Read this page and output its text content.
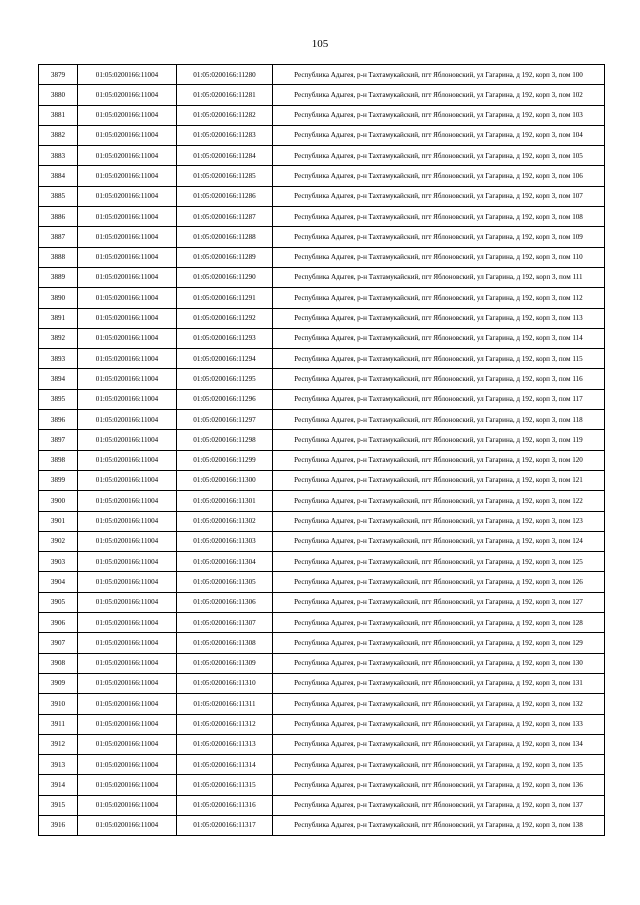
105
3879	01:05:0200166:11004	01:05:0200166:11280	Республика Адыгея, р-н Тахтамукайский, пгт Яблоновский, ул Гагарина, д 192, корп 3, пом 100
3880	01:05:0200166:11004	01:05:0200166:11281	Республика Адыгея, р-н Тахтамукайский, пгт Яблоновский, ул Гагарина, д 192, корп 3, пом 102
3881	01:05:0200166:11004	01:05:0200166:11282	Республика Адыгея, р-н Тахтамукайский, пгт Яблоновский, ул Гагарина, д 192, корп 3, пом 103
3882	01:05:0200166:11004	01:05:0200166:11283	Республика Адыгея, р-н Тахтамукайский, пгт Яблоновский, ул Гагарина, д 192, корп 3, пом 104
3883	01:05:0200166:11004	01:05:0200166:11284	Республика Адыгея, р-н Тахтамукайский, пгт Яблоновский, ул Гагарина, д 192, корп 3, пом 105
3884	01:05:0200166:11004	01:05:0200166:11285	Республика Адыгея, р-н Тахтамукайский, пгт Яблоновский, ул Гагарина, д 192, корп 3, пом 106
3885	01:05:0200166:11004	01:05:0200166:11286	Республика Адыгея, р-н Тахтамукайский, пгт Яблоновский, ул Гагарина, д 192, корп 3, пом 107
3886	01:05:0200166:11004	01:05:0200166:11287	Республика Адыгея, р-н Тахтамукайский, пгт Яблоновский, ул Гагарина, д 192, корп 3, пом 108
3887	01:05:0200166:11004	01:05:0200166:11288	Республика Адыгея, р-н Тахтамукайский, пгт Яблоновский, ул Гагарина, д 192, корп 3, пом 109
3888	01:05:0200166:11004	01:05:0200166:11289	Республика Адыгея, р-н Тахтамукайский, пгт Яблоновский, ул Гагарина, д 192, корп 3, пом 110
3889	01:05:0200166:11004	01:05:0200166:11290	Республика Адыгея, р-н Тахтамукайский, пгт Яблоновский, ул Гагарина, д 192, корп 3, пом 111
3890	01:05:0200166:11004	01:05:0200166:11291	Республика Адыгея, р-н Тахтамукайский, пгт Яблоновский, ул Гагарина, д 192, корп 3, пом 112
3891	01:05:0200166:11004	01:05:0200166:11292	Республика Адыгея, р-н Тахтамукайский, пгт Яблоновский, ул Гагарина, д 192, корп 3, пом 113
3892	01:05:0200166:11004	01:05:0200166:11293	Республика Адыгея, р-н Тахтамукайский, пгт Яблоновский, ул Гагарина, д 192, корп 3, пом 114
3893	01:05:0200166:11004	01:05:0200166:11294	Республика Адыгея, р-н Тахтамукайский, пгт Яблоновский, ул Гагарина, д 192, корп 3, пом 115
3894	01:05:0200166:11004	01:05:0200166:11295	Республика Адыгея, р-н Тахтамукайский, пгт Яблоновский, ул Гагарина, д 192, корп 3, пом 116
3895	01:05:0200166:11004	01:05:0200166:11296	Республика Адыгея, р-н Тахтамукайский, пгт Яблоновский, ул Гагарина, д 192, корп 3, пом 117
3896	01:05:0200166:11004	01:05:0200166:11297	Республика Адыгея, р-н Тахтамукайский, пгт Яблоновский, ул Гагарина, д 192, корп 3, пом 118
3897	01:05:0200166:11004	01:05:0200166:11298	Республика Адыгея, р-н Тахтамукайский, пгт Яблоновский, ул Гагарина, д 192, корп 3, пом 119
3898	01:05:0200166:11004	01:05:0200166:11299	Республика Адыгея, р-н Тахтамукайский, пгт Яблоновский, ул Гагарина, д 192, корп 3, пом 120
3899	01:05:0200166:11004	01:05:0200166:11300	Республика Адыгея, р-н Тахтамукайский, пгт Яблоновский, ул Гагарина, д 192, корп 3, пом 121
3900	01:05:0200166:11004	01:05:0200166:11301	Республика Адыгея, р-н Тахтамукайский, пгт Яблоновский, ул Гагарина, д 192, корп 3, пом 122
3901	01:05:0200166:11004	01:05:0200166:11302	Республика Адыгея, р-н Тахтамукайский, пгт Яблоновский, ул Гагарина, д 192, корп 3, пом 123
3902	01:05:0200166:11004	01:05:0200166:11303	Республика Адыгея, р-н Тахтамукайский, пгт Яблоновский, ул Гагарина, д 192, корп 3, пом 124
3903	01:05:0200166:11004	01:05:0200166:11304	Республика Адыгея, р-н Тахтамукайский, пгт Яблоновский, ул Гагарина, д 192, корп 3, пом 125
3904	01:05:0200166:11004	01:05:0200166:11305	Республика Адыгея, р-н Тахтамукайский, пгт Яблоновский, ул Гагарина, д 192, корп 3, пом 126
3905	01:05:0200166:11004	01:05:0200166:11306	Республика Адыгея, р-н Тахтамукайский, пгт Яблоновский, ул Гагарина, д 192, корп 3, пом 127
3906	01:05:0200166:11004	01:05:0200166:11307	Республика Адыгея, р-н Тахтамукайский, пгт Яблоновский, ул Гагарина, д 192, корп 3, пом 128
3907	01:05:0200166:11004	01:05:0200166:11308	Республика Адыгея, р-н Тахтамукайский, пгт Яблоновский, ул Гагарина, д 192, корп 3, пом 129
3908	01:05:0200166:11004	01:05:0200166:11309	Республика Адыгея, р-н Тахтамукайский, пгт Яблоновский, ул Гагарина, д 192, корп 3, пом 130
3909	01:05:0200166:11004	01:05:0200166:11310	Республика Адыгея, р-н Тахтамукайский, пгт Яблоновский, ул Гагарина, д 192, корп 3, пом 131
3910	01:05:0200166:11004	01:05:0200166:11311	Республика Адыгея, р-н Тахтамукайский, пгт Яблоновский, ул Гагарина, д 192, корп 3, пом 132
3911	01:05:0200166:11004	01:05:0200166:11312	Республика Адыгея, р-н Тахтамукайский, пгт Яблоновский, ул Гагарина, д 192, корп 3, пом 133
3912	01:05:0200166:11004	01:05:0200166:11313	Республика Адыгея, р-н Тахтамукайский, пгт Яблоновский, ул Гагарина, д 192, корп 3, пом 134
3913	01:05:0200166:11004	01:05:0200166:11314	Республика Адыгея, р-н Тахтамукайский, пгт Яблоновский, ул Гагарина, д 192, корп 3, пом 135
3914	01:05:0200166:11004	01:05:0200166:11315	Республика Адыгея, р-н Тахтамукайский, пгт Яблоновский, ул Гагарина, д 192, корп 3, пом 136
3915	01:05:0200166:11004	01:05:0200166:11316	Республика Адыгея, р-н Тахтамукайский, пгт Яблоновский, ул Гагарина, д 192, корп 3, пом 137
3916	01:05:0200166:11004	01:05:0200166:11317	Республика Адыгея, р-н Тахтамукайский, пгт Яблоновский, ул Гагарина, д 192, корп 3, пом 138
